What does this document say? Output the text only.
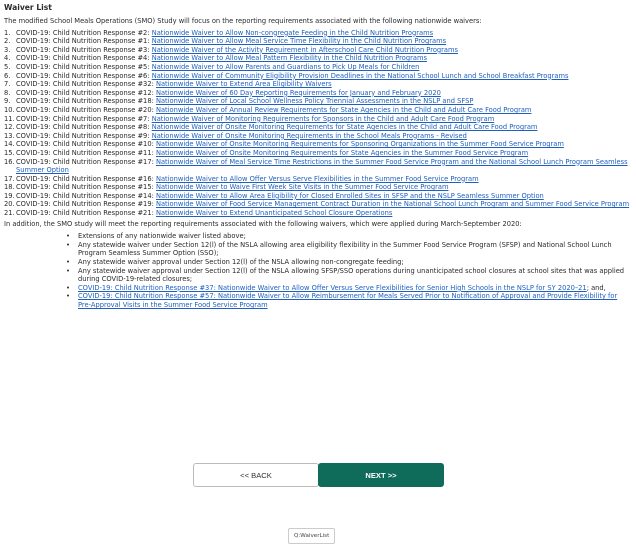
Waiver List

The modified School Meals Operations (SMO) Study will focus on the reporting requirements associated with the following nationwide waivers:

1. COVID-19: Child Nutrition Response #2: Nationwide Waiver to Allow Non-congregate Feeding in the Child Nutrition Programs
2. COVID-19: Child Nutrition Response #1: Nationwide Waiver to Allow Meal Service Time Flexibility in the Child Nutrition Programs
3. COVID-19: Child Nutrition Response #3: Nationwide Waiver of the Activity Requirement in Afterschool Care Child Nutrition Programs
4. COVID-19: Child Nutrition Response #4: Nationwide Waiver to Allow Meal Pattern Flexibility in the Child Nutrition Programs
5. COVID-19: Child Nutrition Response #5: Nationwide Waiver to Allow Parents and Guardians to Pick Up Meals for Children
6. COVID-19: Child Nutrition Response #6: Nationwide Waiver of Community Eligibility Provision Deadlines in the National School Lunch and School Breakfast Programs
7. COVID-19: Child Nutrition Response #32: Nationwide Waiver to Extend Area Eligibility Waivers
8. COVID-19: Child Nutrition Response #12: Nationwide Waiver of 60 Day Reporting Requirements for January and February 2020
9. COVID-19: Child Nutrition Response #18: Nationwide Waiver of Local School Wellness Policy Triennial Assessments in the NSLP and SFSP
10. COVID-19: Child Nutrition Response #20: Nationwide Waiver of Annual Review Requirements for State Agencies in the Child and Adult Care Food Program
11. COVID-19: Child Nutrition Response #7: Nationwide Waiver of Monitoring Requirements for Sponsors in the Child and Adult Care Food Program
12. COVID-19: Child Nutrition Response #8: Nationwide Waiver of Onsite Monitoring Requirements for State Agencies in the Child and Adult Care Food Program
13. COVID-19: Child Nutrition Response #9: Nationwide Waiver of Onsite Monitoring Requirements in the School Meals Programs - Revised
14. COVID-19: Child Nutrition Response #10: Nationwide Waiver of Onsite Monitoring Requirements for Sponsoring Organizations in the Summer Food Service Program
15. COVID-19: Child Nutrition Response #11: Nationwide Waiver of Onsite Monitoring Requirements for State Agencies in the Summer Food Service Program
16. COVID-19: Child Nutrition Response #17: Nationwide Waiver of Meal Service Time Restrictions in the Summer Food Service Program and the National School Lunch Program Seamless Summer Option
17. COVID-19: Child Nutrition Response #16: Nationwide Waiver to Allow Offer Versus Serve Flexibilities in the Summer Food Service Program
18. COVID-19: Child Nutrition Response #15: Nationwide Waiver to Waive First Week Site Visits in the Summer Food Service Program
19. COVID-19: Child Nutrition Response #14: Nationwide Waiver to Allow Area Eligibility for Closed Enrolled Sites in SFSP and the NSLP Seamless Summer Option
20. COVID-19: Child Nutrition Response #19: Nationwide Waiver of Food Service Management Contract Duration in the National School Lunch Program and Summer Food Service Program
21. COVID-19: Child Nutrition Response #21: Nationwide Waiver to Extend Unanticipated School Closure Operations

In addition, the SMO study will meet the reporting requirements associated with the following waivers, which were applied during March-September 2020:

•	Extensions of any nationwide waiver listed above;
•	Any statewide waiver under Section 12(l) of the NSLA allowing area eligibility flexibility in the Summer Food Service Program (SFSP) and National School Lunch Program Seamless Summer Option (SSO);
•	Any statewide waiver approval under Section 12(l) of the NSLA allowing non-congregate feeding;
•	Any statewide waiver approval under Section 12(l) of the NSLA allowing SFSP/SSO operations during unanticipated school closures at school sites that was applied during COVID-19-related closures;
•	COVID-19: Child Nutrition Response #37: Nationwide Waiver to Allow Offer Versus Serve Flexibilities for Senior High Schools in the NSLP for SY 2020–21; and,
•	COVID-19: Child Nutrition Response #57: Nationwide Waiver to Allow Reimbursement for Meals Served Prior to Notification of Approval and Provide Flexibility for Pre-Approval Visits in the Summer Food Service Program
<< BACK	NEXT >>
Q:WaiverList
